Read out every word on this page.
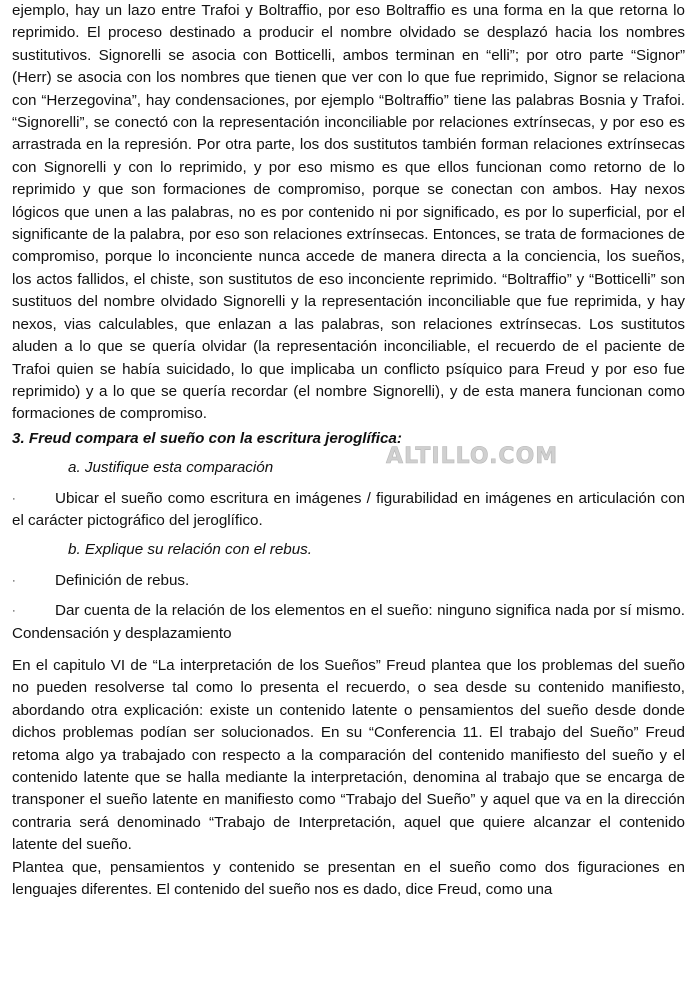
ejemplo, hay un lazo entre Trafoi y Boltraffio, por eso Boltraffio es una forma en la que retorna lo reprimido. El proceso destinado a producir el nombre olvidado se desplazó hacia los nombres sustitutivos. Signorelli se asocia con Botticelli, ambos terminan en “elli”; por otro parte “Signor” (Herr) se asocia con los nombres que tienen que ver con lo que fue reprimido, Signor se relaciona con “Herzegovina”, hay condensaciones, por ejemplo “Boltraffio” tiene las palabras Bosnia y Trafoi. “Signorelli”, se conectó con la representación inconciliable por relaciones extrínsecas, y por eso es arrastrada en la represión. Por otra parte, los dos sustitutos también forman relaciones extrínsecas con Signorelli y con lo reprimido, y por eso mismo es que ellos funcionan como retorno de lo reprimido y que son formaciones de compromiso, porque se conectan con ambos. Hay nexos lógicos que unen a las palabras, no es por contenido ni por significado, es por lo superficial, por el significante de la palabra, por eso son relaciones extrínsecas. Entonces, se trata de formaciones de compromiso, porque lo inconciente nunca accede de manera directa a la conciencia, los sueños, los actos fallidos, el chiste, son sustitutos de eso inconciente reprimido. “Boltraffio” y “Botticelli” son sustituos del nombre olvidado Signorelli y la representación inconciliable que fue reprimida, y hay nexos, vias calculables, que enlazan a las palabras, son relaciones extrínsecas. Los sustitutos aluden a lo que se quería olvidar (la representación inconciliable, el recuerdo de el paciente de Trafoi quien se había suicidado, lo que implicaba un conflicto psíquico para Freud y por eso fue reprimido) y a lo que se quería recordar (el nombre Signorelli), y de esta manera funcionan como formaciones de compromiso.

3. Freud compara el sueño con la escritura jeroglífica:

a. Justifique esta comparación

·	Ubicar el sueño como escritura en imágenes / figurabilidad en imágenes en articulación con el carácter pictográfico del jeroglífico.

b. Explique su relación con el rebus.

·	Definición de rebus.

·	Dar cuenta de la relación de los elementos en el sueño: ninguno significa nada por sí mismo. Condensación y desplazamiento

En el capitulo VI de “La interpretación de los Sueños” Freud plantea que los problemas del sueño no pueden resolverse tal como lo presenta el recuerdo, o sea desde su contenido manifiesto, abordando otra explicación: existe un contenido latente o pensamientos del sueño desde donde dichos problemas podían ser solucionados. En su “Conferencia 11. El trabajo del Sueño” Freud retoma algo ya trabajado con respecto a la comparación del contenido manifiesto del sueño y el contenido latente que se halla mediante la interpretación, denomina al trabajo que se encarga de transponer el sueño latente en manifiesto como “Trabajo del Sueño” y aquel que va en la dirección contraria será denominado “Trabajo de Interpretación, aquel que quiere alcanzar el contenido latente del sueño.

Plantea que, pensamientos y contenido se presentan en el sueño como dos figuraciones en lenguajes diferentes. El contenido del sueño nos es dado, dice Freud, como una

ALTILLO.COM
